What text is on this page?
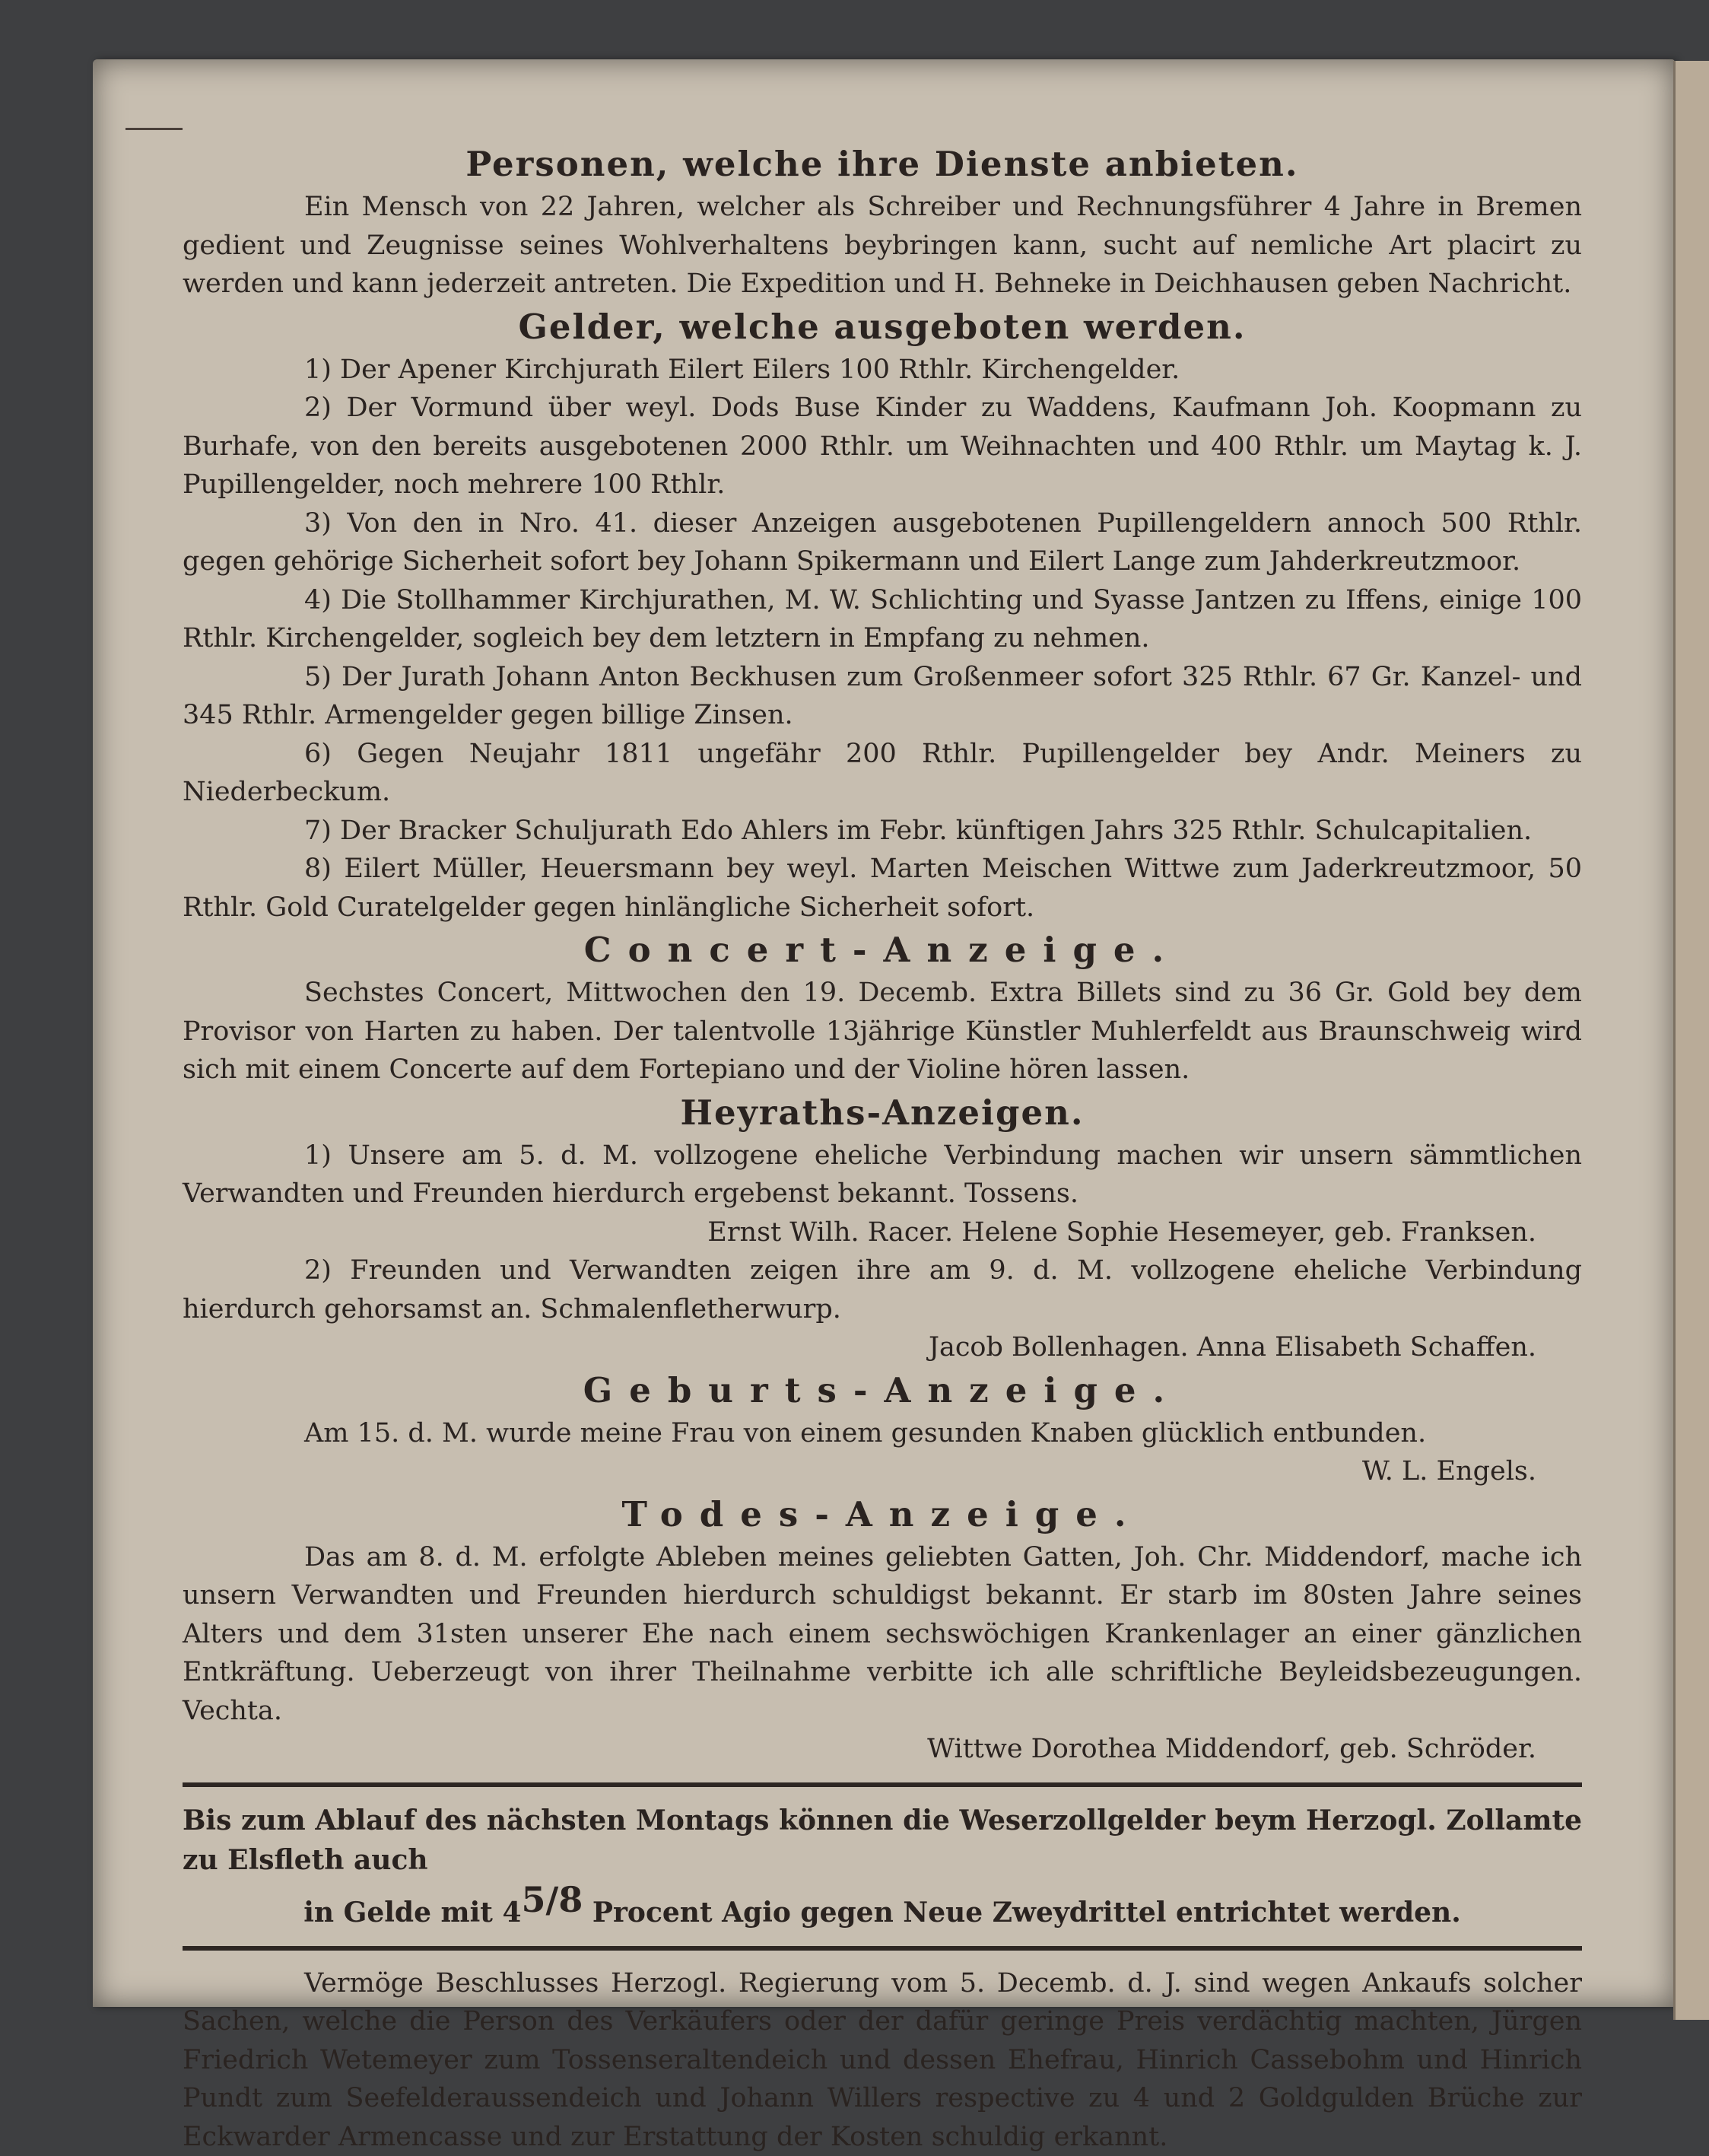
Personen, welche ihre Dienste anbieten.

Ein Mensch von 22 Jahren, welcher als Schreiber und Rechnungsführer 4 Jahre in Bremen gedient und Zeugnisse seines Wohlverhaltens beybringen kann, sucht auf nemliche Art placirt zu werden und kann jederzeit antreten. Die Expedition und H. Behneke in Deichhausen geben Nachricht.

Gelder, welche ausgeboten werden.

1) Der Apener Kirchjurath Eilert Eilers 100 Rthlr. Kirchengelder.

2) Der Vormund über weyl. Dods Buse Kinder zu Waddens, Kaufmann Joh. Koopmann zu Burhafe, von den bereits ausgebotenen 2000 Rthlr. um Weihnachten und 400 Rthlr. um Maytag k. J. Pupillengelder, noch mehrere 100 Rthlr.

3) Von den in Nro. 41. dieser Anzeigen ausgebotenen Pupillengeldern annoch 500 Rthlr. gegen gehörige Sicherheit sofort bey Johann Spikermann und Eilert Lange zum Jahderkreutzmoor.

4) Die Stollhammer Kirchjurathen, M. W. Schlichting und Syasse Jantzen zu Iffens, einige 100 Rthlr. Kirchengelder, sogleich bey dem letztern in Empfang zu nehmen.

5) Der Jurath Johann Anton Beckhusen zum Großenmeer sofort 325 Rthlr. 67 Gr. Kanzel- und 345 Rthlr. Armengelder gegen billige Zinsen.

6) Gegen Neujahr 1811 ungefähr 200 Rthlr. Pupillengelder bey Andr. Meiners zu Niederbeckum.

7) Der Bracker Schuljurath Edo Ahlers im Febr. künftigen Jahrs 325 Rthlr. Schulcapitalien.

8) Eilert Müller, Heuersmann bey weyl. Marten Meischen Wittwe zum Jaderkreutzmoor, 50 Rthlr. Gold Curatelgelder gegen hinlängliche Sicherheit sofort.

Concert-Anzeige.

Sechstes Concert, Mittwochen den 19. Decemb. Extra Billets sind zu 36 Gr. Gold bey dem Provisor von Harten zu haben. Der talentvolle 13jährige Künstler Muhlerfeldt aus Braunschweig wird sich mit einem Concerte auf dem Fortepiano und der Violine hören lassen.

Heyraths-Anzeigen.

1) Unsere am 5. d. M. vollzogene eheliche Verbindung machen wir unsern sämmtlichen Verwandten und Freunden hierdurch ergebenst bekannt. Tossens.

Ernst Wilh. Racer. Helene Sophie Hesemeyer, geb. Franksen.

2) Freunden und Verwandten zeigen ihre am 9. d. M. vollzogene eheliche Verbindung hierdurch gehorsamst an. Schmalenfletherwurp.

Jacob Bollenhagen. Anna Elisabeth Schaffen.

Geburts-Anzeige.

Am 15. d. M. wurde meine Frau von einem gesunden Knaben glücklich entbunden.

W. L. Engels.

Todes-Anzeige.

Das am 8. d. M. erfolgte Ableben meines geliebten Gatten, Joh. Chr. Middendorf, mache ich unsern Verwandten und Freunden hierdurch schuldigst bekannt. Er starb im 80sten Jahre seines Alters und dem 31sten unserer Ehe nach einem sechswöchigen Krankenlager an einer gänzlichen Entkräftung. Ueberzeugt von ihrer Theilnahme verbitte ich alle schriftliche Beyleidsbezeugungen. Vechta.

Wittwe Dorothea Middendorf, geb. Schröder.

Bis zum Ablauf des nächsten Montags können die Weserzollgelder beym Herzogl. Zollamte zu Elsfleth auch
in Gelde mit $4^{5/8}$ Procent Agio gegen Neue Zweydrittel entrichtet werden.

Vermöge Beschlusses Herzogl. Regierung vom 5. Decemb. d. J. sind wegen Ankaufs solcher Sachen, welche die Person des Verkäufers oder der dafür geringe Preis verdächtig machten, Jürgen Friedrich Wetemeyer zum Tossenseraltendeich und dessen Ehefrau, Hinrich Cassebohm und Hinrich Pundt zum Seefelderaussendeich und Johann Willers respective zu 4 und 2 Goldgulden Brüche zur Eckwarder Armencasse und zur Erstattung der Kosten schuldig erkannt.
